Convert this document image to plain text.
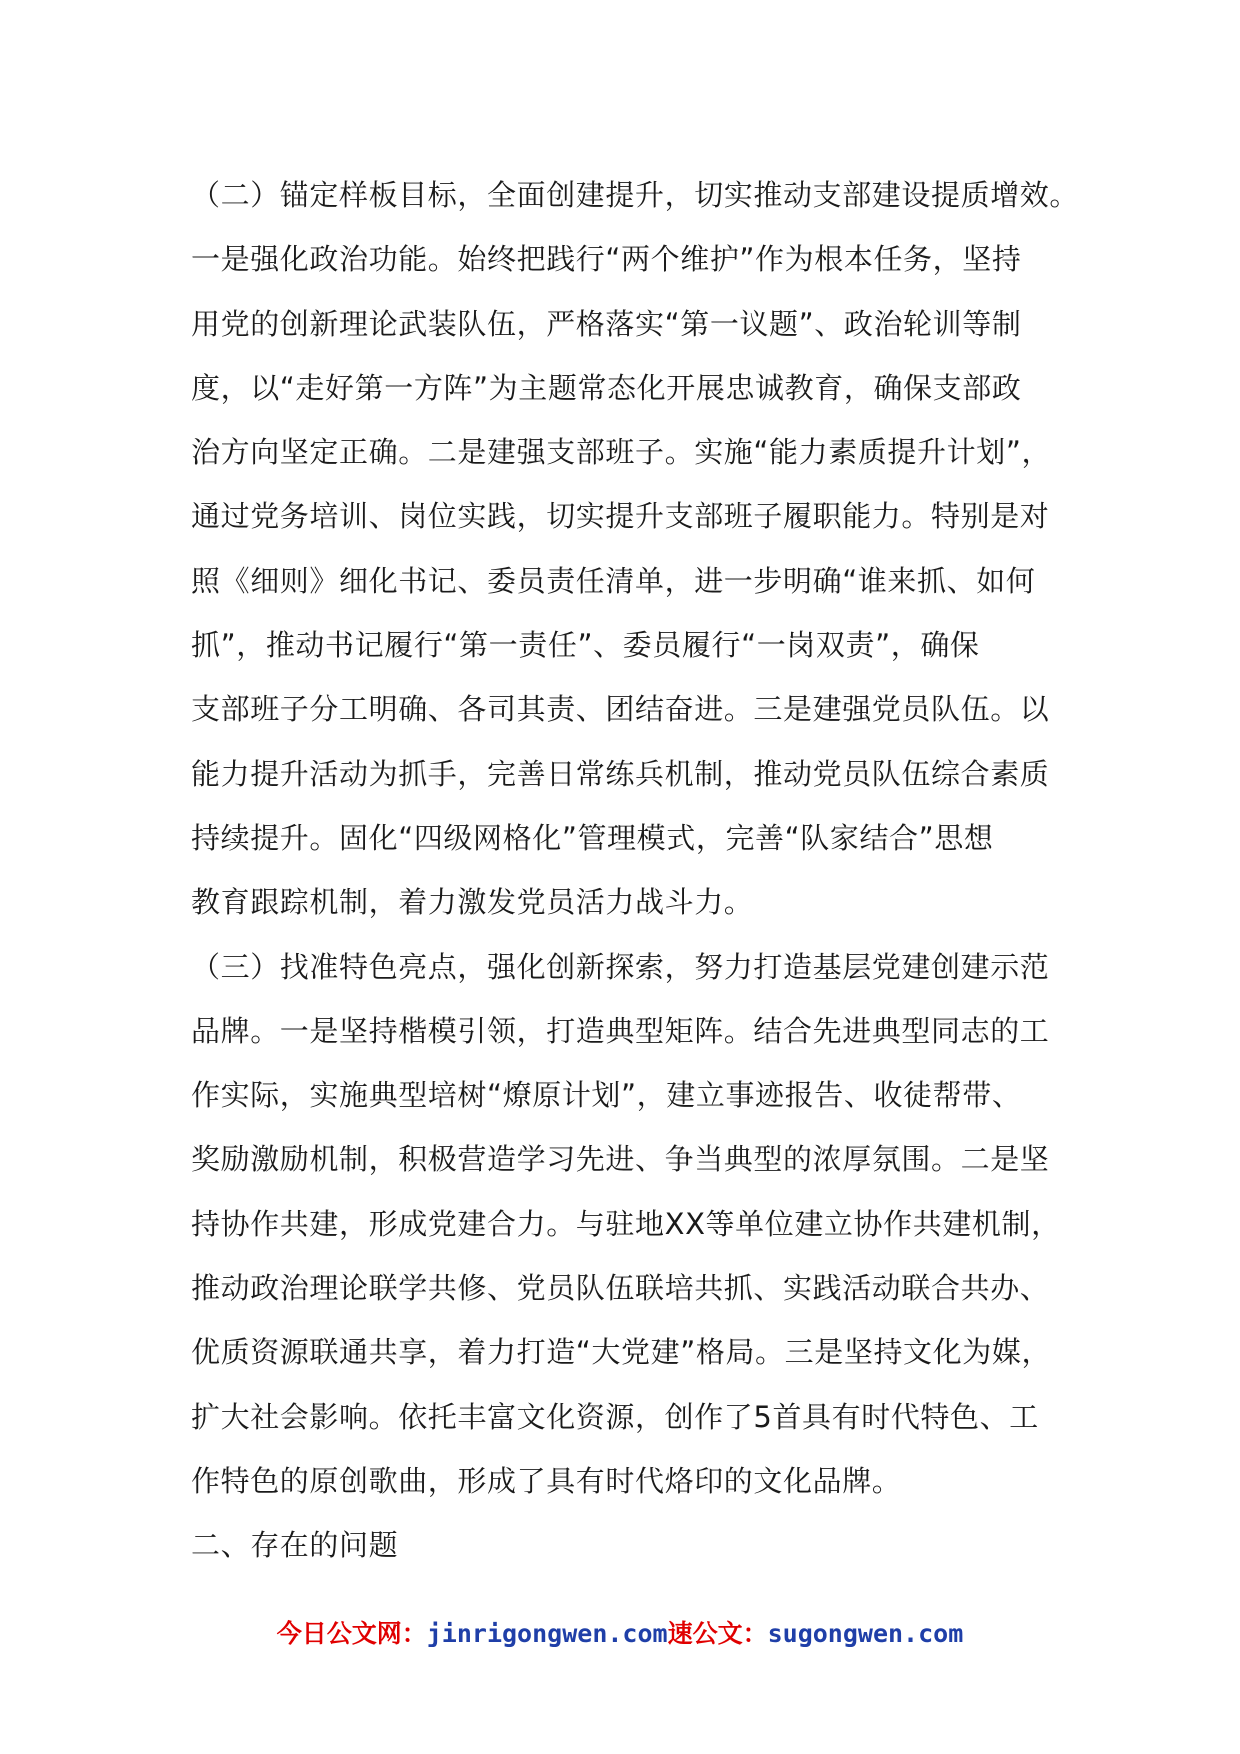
（二）锚定样板目标，全面创建提升，切实推动支部建设提质增效。
一是强化政治功能。始终把践行“两个维护”作为根本任务，坚持
用党的创新理论武装队伍，严格落实“第一议题”、政治轮训等制
度，以“走好第一方阵”为主题常态化开展忠诚教育，确保支部政
治方向坚定正确。二是建强支部班子。实施“能力素质提升计划”，
通过党务培训、岗位实践，切实提升支部班子履职能力。特别是对
照《细则》细化书记、委员责任清单，进一步明确“谁来抓、如何
抓”，推动书记履行“第一责任”、委员履行“一岗双责”，确保
支部班子分工明确、各司其责、团结奋进。三是建强党员队伍。以
能力提升活动为抓手，完善日常练兵机制，推动党员队伍综合素质
持续提升。固化“四级网格化”管理模式，完善“队家结合”思想
教育跟踪机制，着力激发党员活力战斗力。
（三）找准特色亮点，强化创新探索，努力打造基层党建创建示范
品牌。一是坚持楷模引领，打造典型矩阵。结合先进典型同志的工
作实际，实施典型培树“燎原计划”，建立事迹报告、收徒帮带、
奖励激励机制，积极营造学习先进、争当典型的浓厚氛围。二是坚
持协作共建，形成党建合力。与驻地XX等单位建立协作共建机制，
推动政治理论联学共修、党员队伍联培共抓、实践活动联合共办、
优质资源联通共享，着力打造“大党建”格局。三是坚持文化为媒，
扩大社会影响。依托丰富文化资源，创作了5首具有时代特色、工
作特色的原创歌曲，形成了具有时代烙印的文化品牌。
二、存在的问题
今日公文网：jinrigongwen.com速公文：sugongwen.com
